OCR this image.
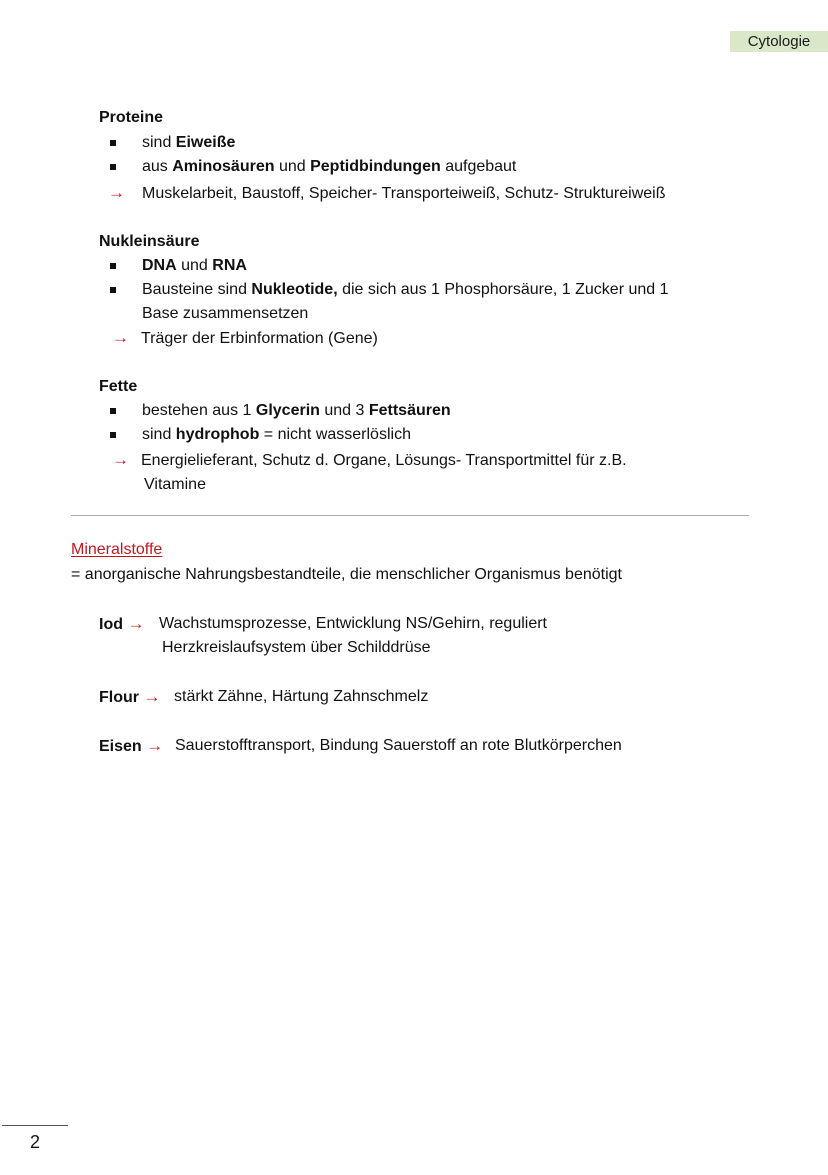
Cytologie
Proteine
sind Eiweiße
aus Aminosäuren und Peptidbindungen aufgebaut
→ Muskelarbeit, Baustoff, Speicher- Transporteiweiß, Schutz- Struktureiweiß
Nukleinsäure
DNA und RNA
Bausteine sind Nukleotide, die sich aus 1 Phosphorsäure, 1 Zucker und 1
Base zusammensetzen
→ Träger der Erbinformation (Gene)
Fette
bestehen aus 1 Glycerin und 3 Fettsäuren
sind hydrophob = nicht wasserlöslich
→ Energielieferant, Schutz d. Organe, Lösungs- Transportmittel für z.B.
Vitamine
Mineralstoffe
= anorganische Nahrungsbestandteile, die menschlicher Organismus benötigt
Iod → Wachstumsprozesse, Entwicklung NS/Gehirn, reguliert
Herzkreislaufsystem über Schilddrüse
Flour → stärkt Zähne, Härtung Zahnschmelz
Eisen → Sauerstofftransport, Bindung Sauerstoff an rote Blutkörperchen
2
